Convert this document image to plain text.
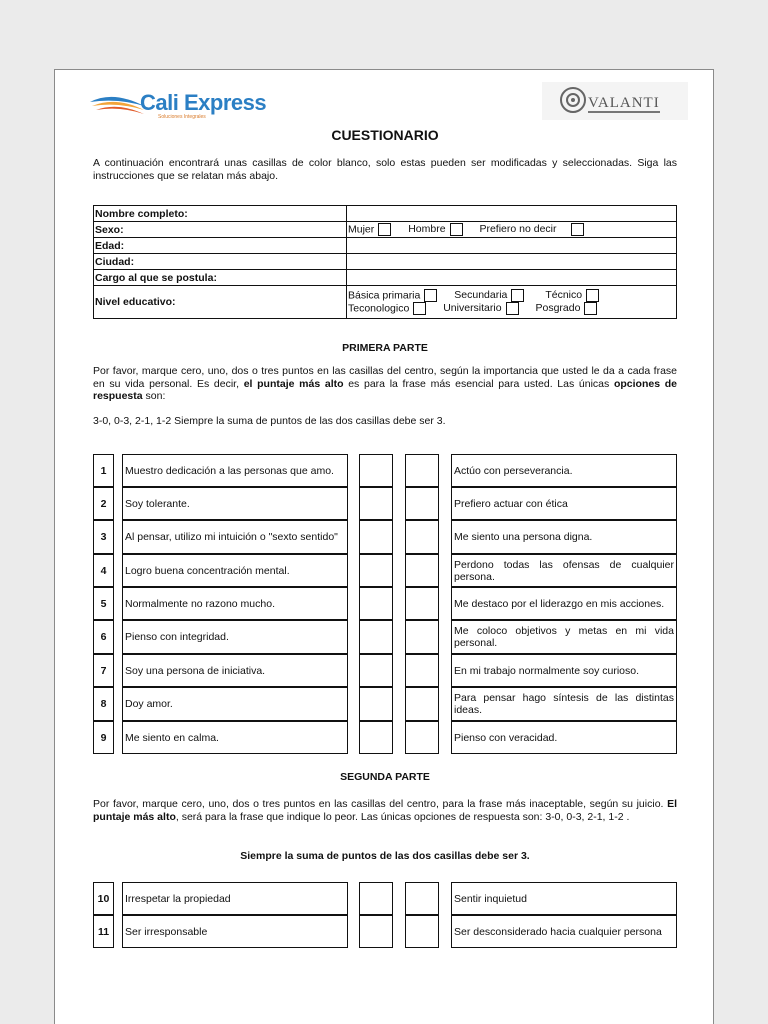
Cali Express
Soluciones Integrales
VALANTI
CUESTIONARIO
A continuación encontrará unas casillas de color blanco, solo estas pueden ser modificadas y seleccionadas. Siga las instrucciones que se relatan más abajo.
Nombre completo:	
Sexo:	Mujer Hombre Prefiero no decir
Edad:	
Ciudad:	
Cargo al que se postula:	
Nivel educativo:	Básica primaria Secundaria Técnico
Teconologico Universitario Posgrado
PRIMERA PARTE
Por favor, marque cero, uno, dos o tres puntos en las casillas del centro, según la importancia que usted le da a cada frase en su vida personal. Es decir, el puntaje más alto es para la frase más esencial para usted. Las únicas opciones de respuesta son:
3-0, 0-3, 2-1, 1-2 Siempre la suma de puntos de las dos casillas debe ser 3.
1 Muestro dedicación a las personas que amo.	Actúo con perseverancia.
2 Soy tolerante.	Prefiero actuar con ética
3 Al pensar, utilizo mi intuición o "sexto sentido"	Me siento una persona digna.
4 Logro buena concentración mental.	Perdono todas las ofensas de cualquier persona.
5 Normalmente no razono mucho.	Me destaco por el liderazgo en mis acciones.
6 Pienso con integridad.	Me coloco objetivos y metas en mi vida personal.
7 Soy una persona de iniciativa.	En mi trabajo normalmente soy curioso.
8 Doy amor.	Para pensar hago síntesis de las distintas ideas.
9 Me siento en calma.	Pienso con veracidad.
SEGUNDA PARTE
Por favor, marque cero, uno, dos o tres puntos en las casillas del centro, para la frase más inaceptable, según su juicio. El puntaje más alto, será para la frase que indique lo peor. Las únicas opciones de respuesta son: 3-0, 0-3, 2-1, 1-2 .
Siempre la suma de puntos de las dos casillas debe ser 3.
10 Irrespetar la propiedad	Sentir inquietud
11 Ser irresponsable	Ser desconsiderado hacia cualquier persona
